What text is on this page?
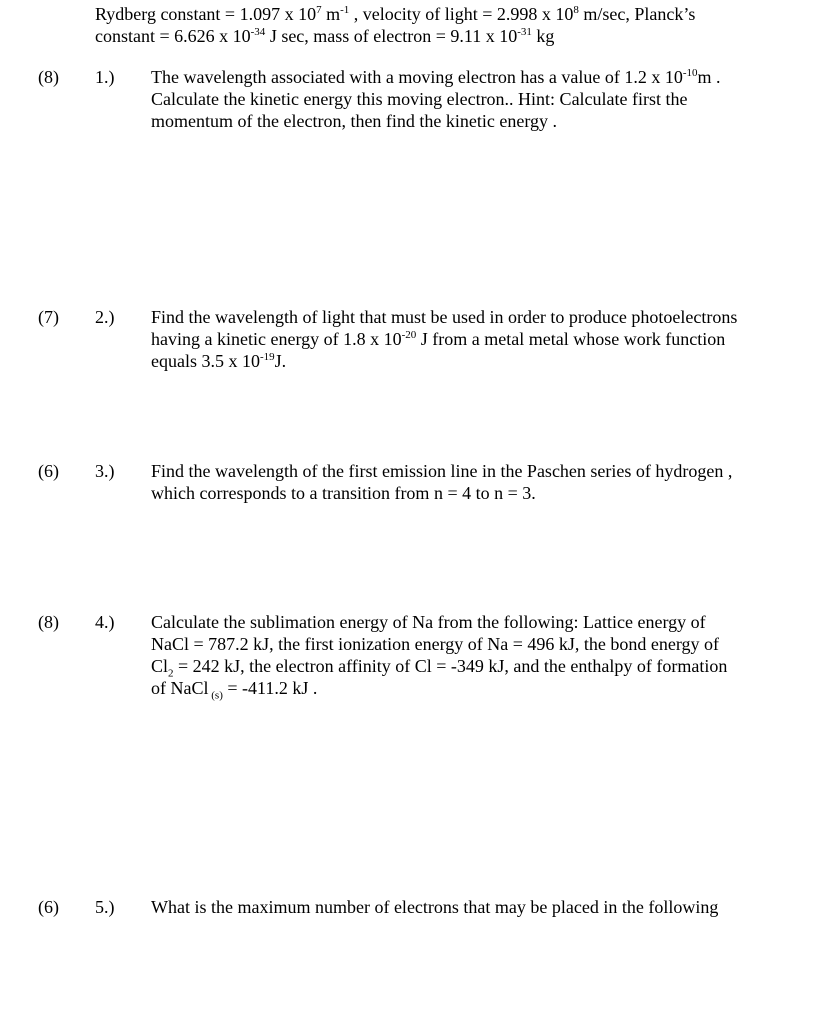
Rydberg constant = 1.097 x $10^7$ $m^{-1}$ , velocity of light = 2.998 x $10^8$ m/sec, Planck’s
constant = 6.626 x $10^{-34}$ J sec, mass of electron = 9.11 x $10^{-31}$ kg
(8) 1.) The wavelength associated with a moving electron has a value of 1.2 x $10^{-10}m$ .
Calculate the kinetic energy this moving electron.. Hint: Calculate first the
momentum of the electron, then find the kinetic energy .
(7) 2.) Find the wavelength of light that must be used in order to produce photoelectrons
having a kinetic energy of 1.8 x $10^{-20}$ J from a metal metal whose work function
equals 3.5 x $10^{-19}J$.
(6) 3.) Find the wavelength of the first emission line in the Paschen series of hydrogen ,
which corresponds to a transition from n = 4 to n = 3.
(8) 4.) Calculate the sublimation energy of Na from the following: Lattice energy of
NaCl = 787.2 kJ, the first ionization energy of Na = 496 kJ, the bond energy of
$Cl_2 = 242$ kJ, the electron affinity of Cl = -349 kJ, and the enthalpy of formation
of NaCl $_{(s)}$ = -411.2 kJ .
(6) 5.) What is the maximum number of electrons that may be placed in the following
